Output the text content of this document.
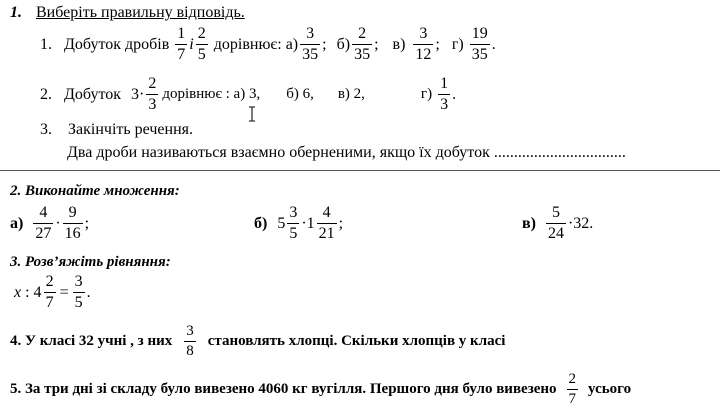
1. Виберіть правильну відповідь.
1. Добуток дробів $\frac{1}{7}$ і $\frac{2}{5}$ дорівнює: $а) \frac{3}{35}$ ; $б) \frac{2}{35}$ ; $в) \frac{3}{12}$ ; $г) \frac{19}{35}$ .
2. Добуток $3 \cdot \frac{2}{3}$ дорівнює : а) 3, б) 6, в) 2,	$г) \frac{1}{3}$ .
3. Закінчіть речення.
Два дроби називаються взаємно оберненими, якщо їх добуток .................................
2. Виконайте множення:
$а) \frac{4}{27} \cdot \frac{9}{16}$ ;	б) $5 \frac{3}{5} \cdot 1 \frac{4}{21}$ ;	$в) \frac{5}{24} \cdot 32$.
3. Розв’яжіть рівняння:
x : $4 \frac{2}{7} = \frac{3}{5}$ .
4. У класі 32 учні , з них $\frac{3}{8}$ становлять хлопці. Скільки хлопців у класі
5. За три дні зі складу було вивезено 4060 кг вугілля. Першого дня було вивезено $\frac{2}{7}$ усього
